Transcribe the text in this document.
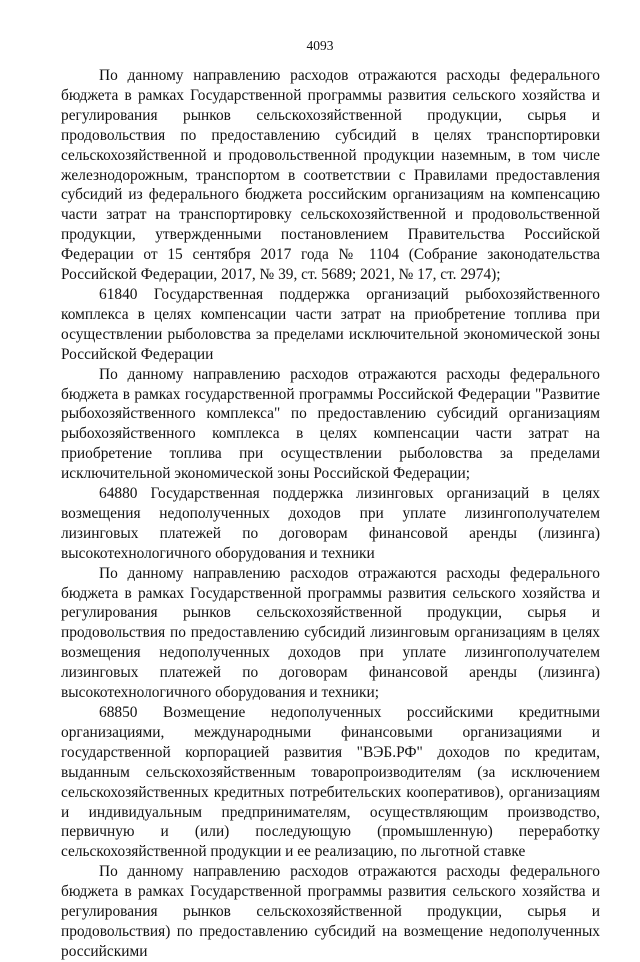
4093

По данному направлению расходов отражаются расходы федерального бюджета в рамках Государственной программы развития сельского хозяйства и регулирования рынков сельскохозяйственной продукции, сырья и продовольствия по предоставлению субсидий в целях транспортировки сельскохозяйственной и продовольственной продукции наземным, в том числе железнодорожным, транспортом в соответствии с Правилами предоставления субсидий из федерального бюджета российским организациям на компенсацию части затрат на транспортировку сельскохозяйственной и продовольственной продукции, утвержденными постановлением Правительства Российской Федерации от 15 сентября 2017 года № 1104 (Собрание законодательства Российской Федерации, 2017, № 39, ст. 5689; 2021, № 17, ст. 2974);

61840 Государственная поддержка организаций рыбохозяйственного комплекса в целях компенсации части затрат на приобретение топлива при осуществлении рыболовства за пределами исключительной экономической зоны Российской Федерации

По данному направлению расходов отражаются расходы федерального бюджета в рамках государственной программы Российской Федерации "Развитие рыбохозяйственного комплекса" по предоставлению субсидий организациям рыбохозяйственного комплекса в целях компенсации части затрат на приобретение топлива при осуществлении рыболовства за пределами исключительной экономической зоны Российской Федерации;

64880 Государственная поддержка лизинговых организаций в целях возмещения недополученных доходов при уплате лизингополучателем лизинговых платежей по договорам финансовой аренды (лизинга) высокотехнологичного оборудования и техники

По данному направлению расходов отражаются расходы федерального бюджета в рамках Государственной программы развития сельского хозяйства и регулирования рынков сельскохозяйственной продукции, сырья и продовольствия по предоставлению субсидий лизинговым организациям в целях возмещения недополученных доходов при уплате лизингополучателем лизинговых платежей по договорам финансовой аренды (лизинга) высокотехнологичного оборудования и техники;

68850 Возмещение недополученных российскими кредитными организациями, международными финансовыми организациями и государственной корпорацией развития "ВЭБ.РФ" доходов по кредитам, выданным сельскохозяйственным товаропроизводителям (за исключением сельскохозяйственных кредитных потребительских кооперативов), организациям и индивидуальным предпринимателям, осуществляющим производство, первичную и (или) последующую (промышленную) переработку сельскохозяйственной продукции и ее реализацию, по льготной ставке

По данному направлению расходов отражаются расходы федерального бюджета в рамках Государственной программы развития сельского хозяйства и регулирования рынков сельскохозяйственной продукции, сырья и продовольствия) по предоставлению субсидий на возмещение недополученных российскими
